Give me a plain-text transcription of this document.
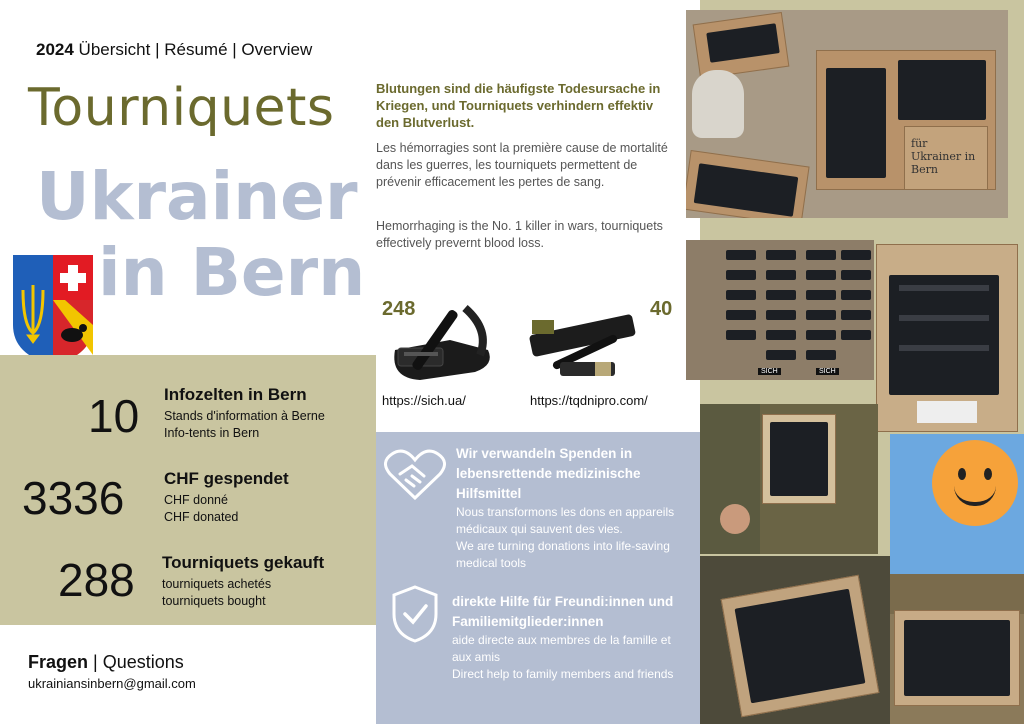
2024 Übersicht | Résumé | Overview
Tourniquets
Ukrainer
in Bern
10 Infozelten in Bern
Stands d'information à Berne
Info-tents in Bern
3336 CHF gespendet
CHF donné
CHF donated
288 Tourniquets gekauft
tourniquets achetés
tourniquets bought
Fragen | Questions
ukrainiansinbern@gmail.com
Blutungen sind die häufigste Todesursache in Kriegen, und Tourniquets verhindern effektiv den Blutverlust.
Les hémorragies sont la première cause de mortalité dans les guerres, les tourniquets permettent de prévenir efficacement les pertes de sang.
Hemorrhaging is the No. 1 killer in wars, tourniquets effectively prevernt blood loss.
248
https://sich.ua/
40
https://tqdnipro.com/
Wir verwandeln Spenden in lebensrettende medizinische Hilfsmittel
Nous transformons les dons en appareils médicaux qui sauvent des vies.
We are turning donations into life-saving medical tools
direkte Hilfe für Freundi:innen und Familiemitglieder:innen
aide directe aux membres de la famille et aux amis
Direct help to family members and friends
für Ukrainer in Bern
SICH	SICH
